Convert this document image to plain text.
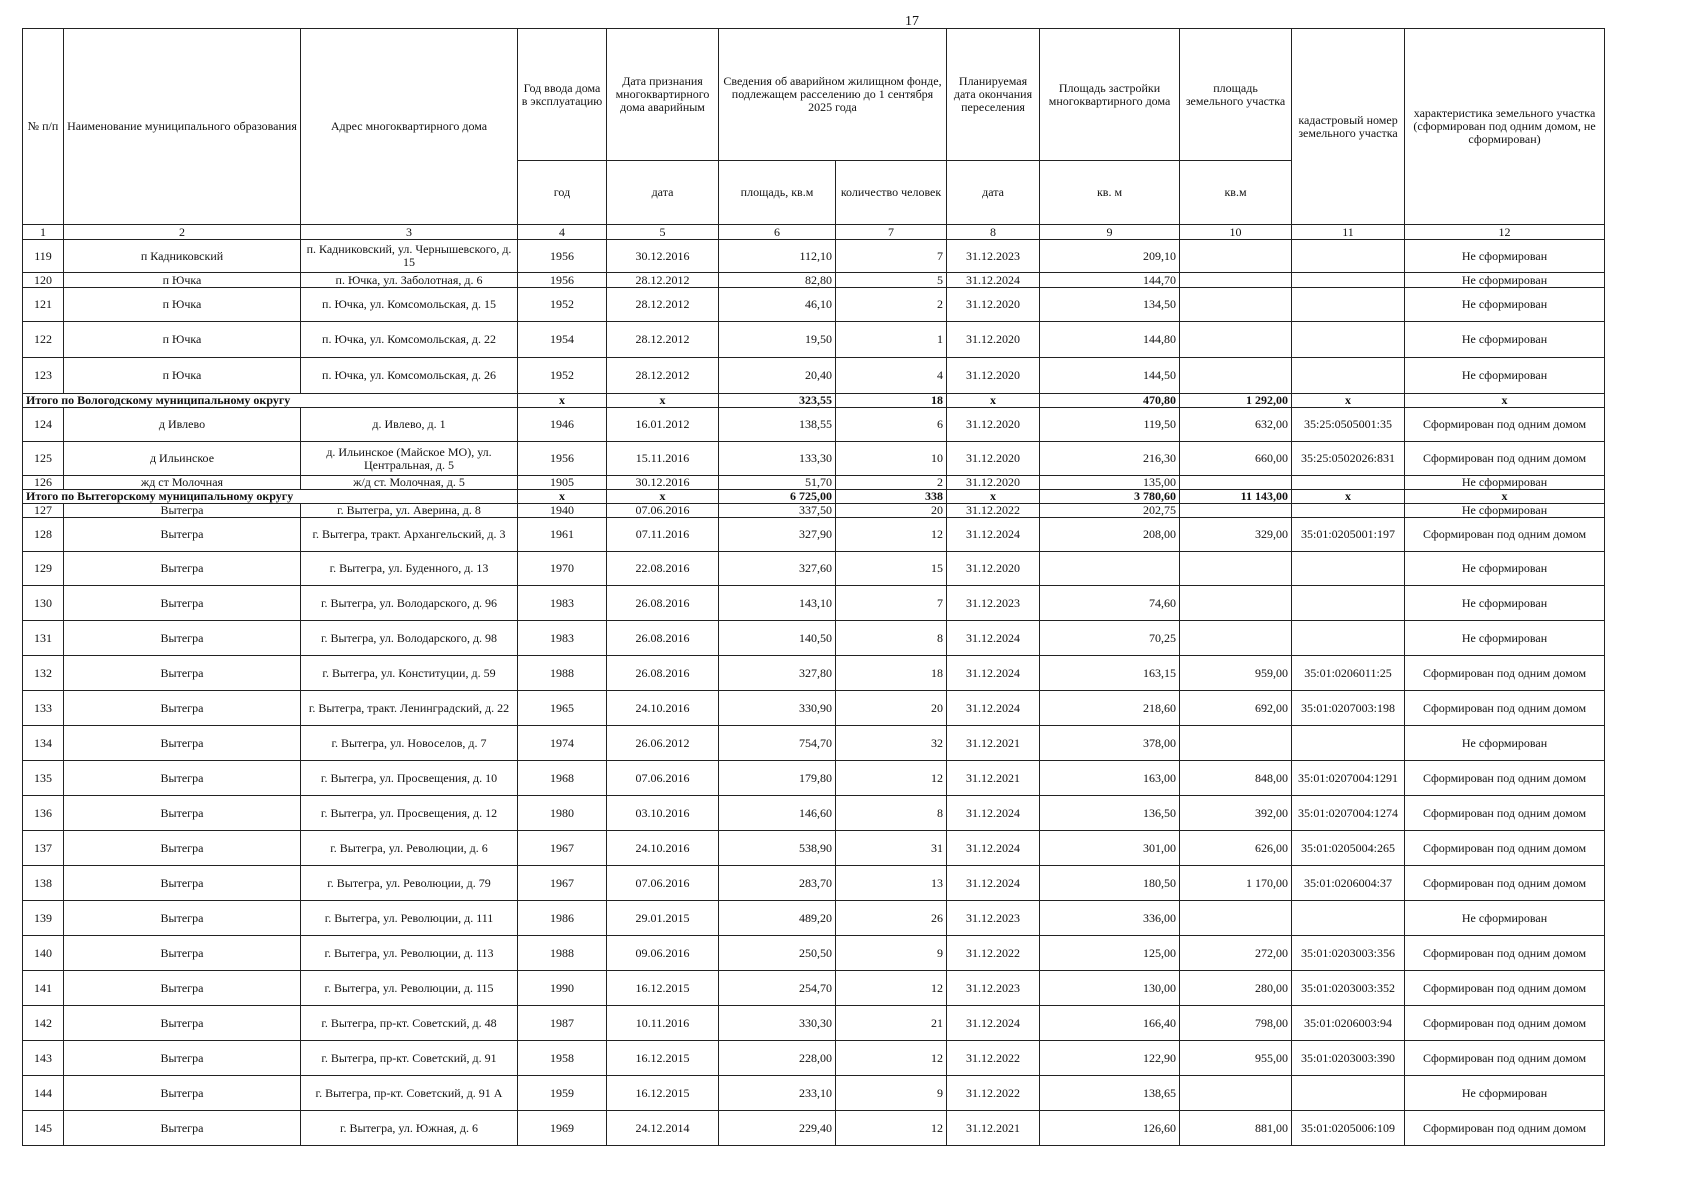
17
№ п/п	Наименование муниципального образования	Адрес многоквартирного дома	Год ввода дома в эксплуатацию	Дата признания многоквартирного дома аварийным	Сведения об аварийном жилищном фонде, подлежащем расселению до 1 сентября 2025 года		Планируемая дата окончания переселения	Площадь застройки многоквартирного дома	площадь земельного участка	кадастровый номер земельного участка	характеристика земельного участка (сформирован под одним домом, не сформирован)
			год	дата	площадь, кв.м	количество человек	дата	кв. м	кв.м		
1	2	3	4	5	6	7	8	9	10	11	12
119	п Кадниковский	п. Кадниковский, ул. Чернышевского, д. 15	1956	30.12.2016	112,10	7	31.12.2023	209,10			Не сформирован
120	п Ючка	п. Ючка, ул. Заболотная, д. 6	1956	28.12.2012	82,80	5	31.12.2024	144,70			Не сформирован
121	п Ючка	п. Ючка, ул. Комсомольская, д. 15	1952	28.12.2012	46,10	2	31.12.2020	134,50			Не сформирован
122	п Ючка	п. Ючка, ул. Комсомольская, д. 22	1954	28.12.2012	19,50	1	31.12.2020	144,80			Не сформирован
123	п Ючка	п. Ючка, ул. Комсомольская, д. 26	1952	28.12.2012	20,40	4	31.12.2020	144,50			Не сформирован
Итого по Вологодскому муниципальному округу			x	x	323,55	18	x	470,80	1 292,00	x	x
124	д Ивлево	д. Ивлево, д. 1	1946	16.01.2012	138,55	6	31.12.2020	119,50	632,00	35:25:0505001:35	Сформирован под одним домом
125	д Ильинское	д. Ильинское (Майское МО), ул. Центральная, д. 5	1956	15.11.2016	133,30	10	31.12.2020	216,30	660,00	35:25:0502026:831	Сформирован под одним домом
126	жд ст Молочная	ж/д ст. Молочная, д. 5	1905	30.12.2016	51,70	2	31.12.2020	135,00			Не сформирован
Итого по Вытегорскому муниципальному округу			x	x	6 725,00	338	x	3 780,60	11 143,00	x	x
127	Вытегра	г. Вытегра, ул. Аверина, д. 8	1940	07.06.2016	337,50	20	31.12.2022	202,75			Не сформирован
128	Вытегра	г. Вытегра, тракт. Архангельский, д. 3	1961	07.11.2016	327,90	12	31.12.2024	208,00	329,00	35:01:0205001:197	Сформирован под одним домом
129	Вытегра	г. Вытегра, ул. Буденного, д. 13	1970	22.08.2016	327,60	15	31.12.2020				Не сформирован
130	Вытегра	г. Вытегра, ул. Володарского, д. 96	1983	26.08.2016	143,10	7	31.12.2023	74,60			Не сформирован
131	Вытегра	г. Вытегра, ул. Володарского, д. 98	1983	26.08.2016	140,50	8	31.12.2024	70,25			Не сформирован
132	Вытегра	г. Вытегра, ул. Конституции, д. 59	1988	26.08.2016	327,80	18	31.12.2024	163,15	959,00	35:01:0206011:25	Сформирован под одним домом
133	Вытегра	г. Вытегра, тракт. Ленинградский, д. 22	1965	24.10.2016	330,90	20	31.12.2024	218,60	692,00	35:01:0207003:198	Сформирован под одним домом
134	Вытегра	г. Вытегра, ул. Новоселов, д. 7	1974	26.06.2012	754,70	32	31.12.2021	378,00			Не сформирован
135	Вытегра	г. Вытегра, ул. Просвещения, д. 10	1968	07.06.2016	179,80	12	31.12.2021	163,00	848,00	35:01:0207004:1291	Сформирован под одним домом
136	Вытегра	г. Вытегра, ул. Просвещения, д. 12	1980	03.10.2016	146,60	8	31.12.2024	136,50	392,00	35:01:0207004:1274	Сформирован под одним домом
137	Вытегра	г. Вытегра, ул. Революции, д. 6	1967	24.10.2016	538,90	31	31.12.2024	301,00	626,00	35:01:0205004:265	Сформирован под одним домом
138	Вытегра	г. Вытегра, ул. Революции, д. 79	1967	07.06.2016	283,70	13	31.12.2024	180,50	1 170,00	35:01:0206004:37	Сформирован под одним домом
139	Вытегра	г. Вытегра, ул. Революции, д. 111	1986	29.01.2015	489,20	26	31.12.2023	336,00			Не сформирован
140	Вытегра	г. Вытегра, ул. Революции, д. 113	1988	09.06.2016	250,50	9	31.12.2022	125,00	272,00	35:01:0203003:356	Сформирован под одним домом
141	Вытегра	г. Вытегра, ул. Революции, д. 115	1990	16.12.2015	254,70	12	31.12.2023	130,00	280,00	35:01:0203003:352	Сформирован под одним домом
142	Вытегра	г. Вытегра, пр-кт. Советский, д. 48	1987	10.11.2016	330,30	21	31.12.2024	166,40	798,00	35:01:0206003:94	Сформирован под одним домом
143	Вытегра	г. Вытегра, пр-кт. Советский, д. 91	1958	16.12.2015	228,00	12	31.12.2022	122,90	955,00	35:01:0203003:390	Сформирован под одним домом
144	Вытегра	г. Вытегра, пр-кт. Советский, д. 91 А	1959	16.12.2015	233,10	9	31.12.2022	138,65			Не сформирован
145	Вытегра	г. Вытегра, ул. Южная, д. 6	1969	24.12.2014	229,40	12	31.12.2021	126,60	881,00	35:01:0205006:109	Сформирован под одним домом
